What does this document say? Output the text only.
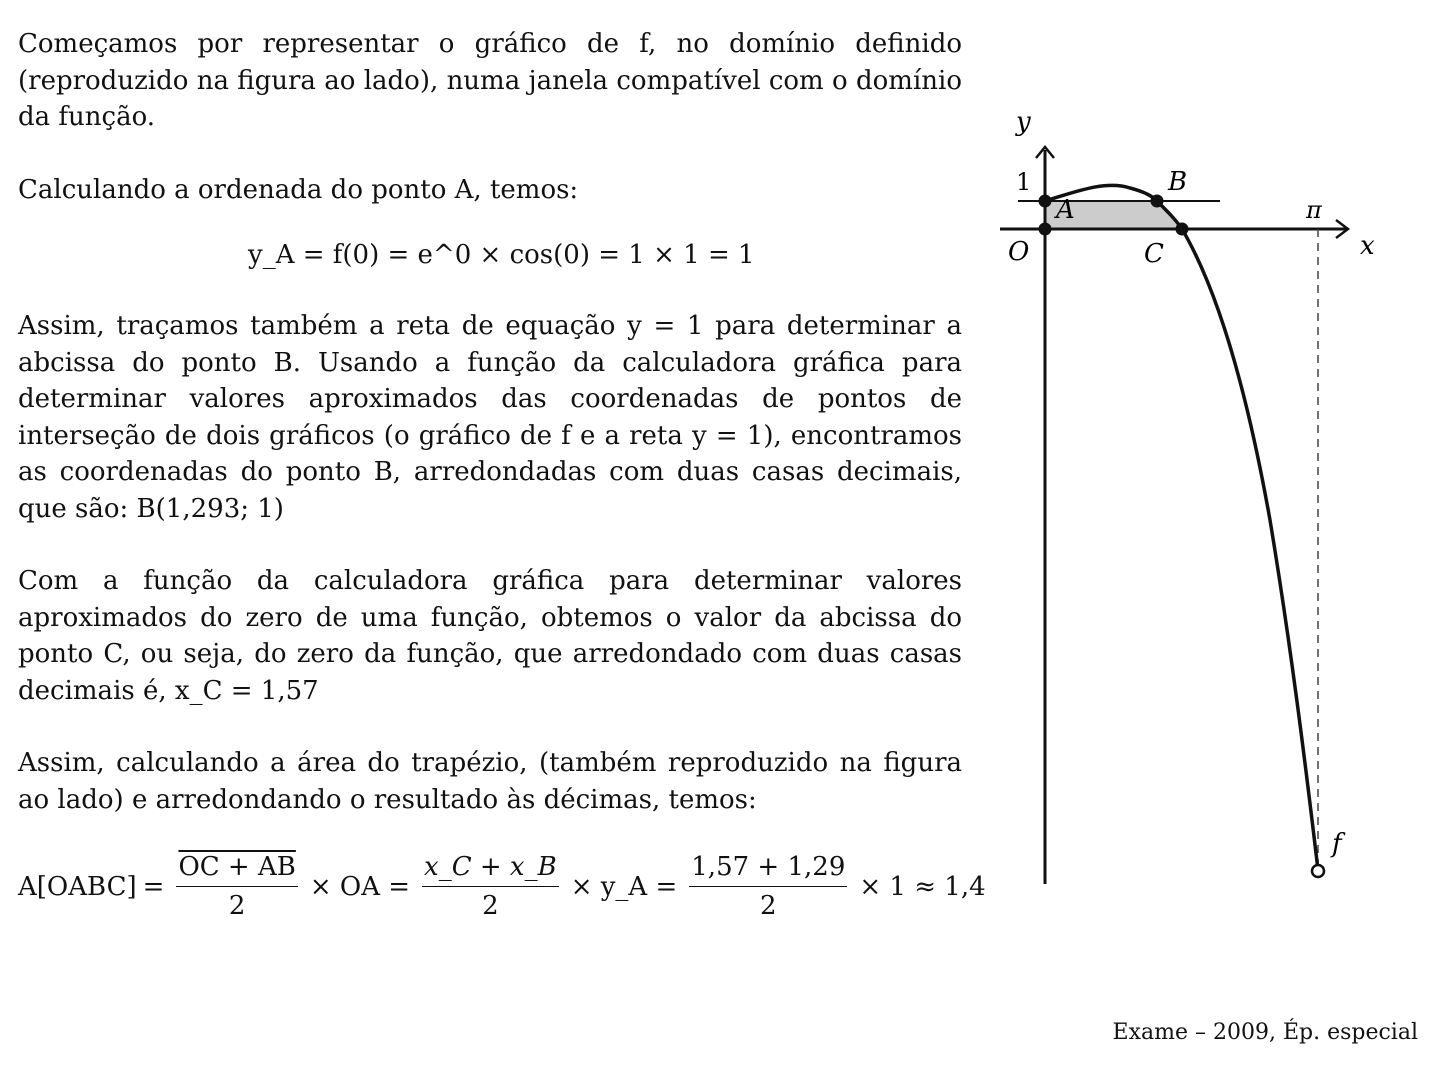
Começamos por representar o gráfico de f, no domínio definido (reproduzido na figura ao lado), numa janela compatível com o domínio da função.

Calculando a ordenada do ponto A, temos:

Assim, traçamos também a reta de equação y = 1 para determinar a abcissa do ponto B. Usando a função da calculadora gráfica para determinar valores aproximados das coordenadas de pontos de interseção de dois gráficos (o gráfico de f e a reta y = 1), encontramos as coordenadas do ponto B, arredondadas com duas casas decimais, que são: B(1,293; 1)

Com a função da calculadora gráfica para determinar valores aproximados do zero de uma função, obtemos o valor da abcissa do ponto C, ou seja, do zero da função, que arredondado com duas casas decimais é, x_C = 1,57

Assim, calculando a área do trapézio, (também reproduzido na figura ao lado) e arredondando o resultado às décimas, temos:

y_A = f(0) = e^0 × cos(0) = 1 × 1 = 1
A[OABC] = $\frac{OC + AB}{2}$ × OA = $\frac{x\_C + x\_B}{2}$ × y_A = $\frac{1,57 + 1,29}{2} \times 1 \approx 1,4$
y
x
O
1
π
A
B
C
f
Exame – 2009, Ép. especial
